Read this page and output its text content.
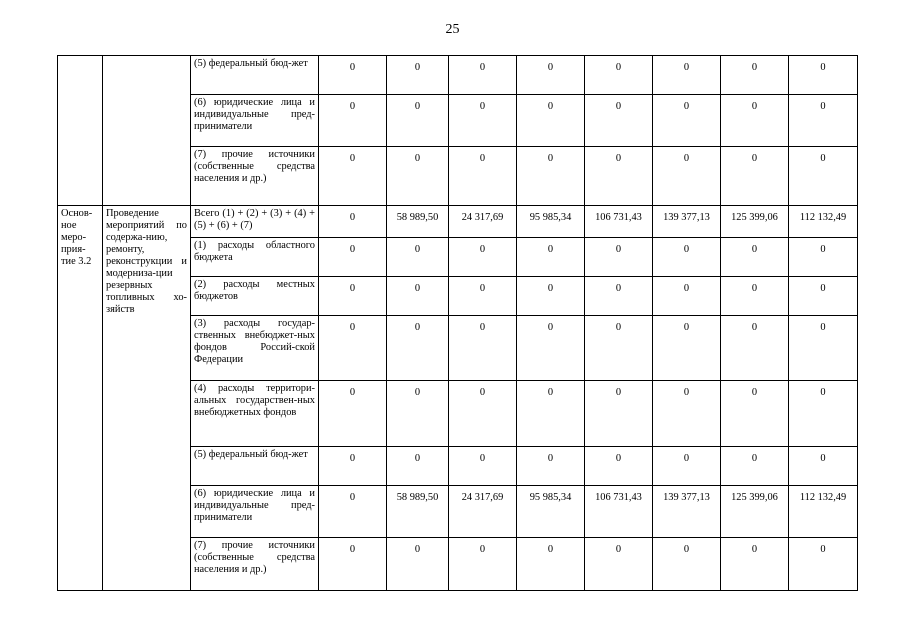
25
		(5) федеральный бюд-жет	0	0	0	0	0	0	0	0
		(6) юридические лица и индивидуальные пред-приниматели	0	0	0	0	0	0	0	0
		(7) прочие источники (собственные средства населения и др.)	0	0	0	0	0	0	0	0
Основ-ное меро-прия-тие 3.2	Проведение мероприятий по содержа-нию, ремонту, реконструкции и модерниза-ции резервных топливных хо-зяйств	Всего (1) + (2) + (3) + (4) + (5) + (6) + (7)	0	58 989,50	24 317,69	95 985,34	106 731,43	139 377,13	125 399,06	112 132,49
		(1) расходы областного бюджета	0	0	0	0	0	0	0	0
		(2) расходы местных бюджетов	0	0	0	0	0	0	0	0
		(3) расходы государ-ственных внебюджет-ных фондов Россий-ской Федерации	0	0	0	0	0	0	0	0
		(4) расходы территори-альных государствен-ных внебюджетных фондов	0	0	0	0	0	0	0	0
		(5) федеральный бюд-жет	0	0	0	0	0	0	0	0
		(6) юридические лица и индивидуальные пред-приниматели	0	58 989,50	24 317,69	95 985,34	106 731,43	139 377,13	125 399,06	112 132,49
		(7) прочие источники (собственные средства населения и др.)	0	0	0	0	0	0	0	0
